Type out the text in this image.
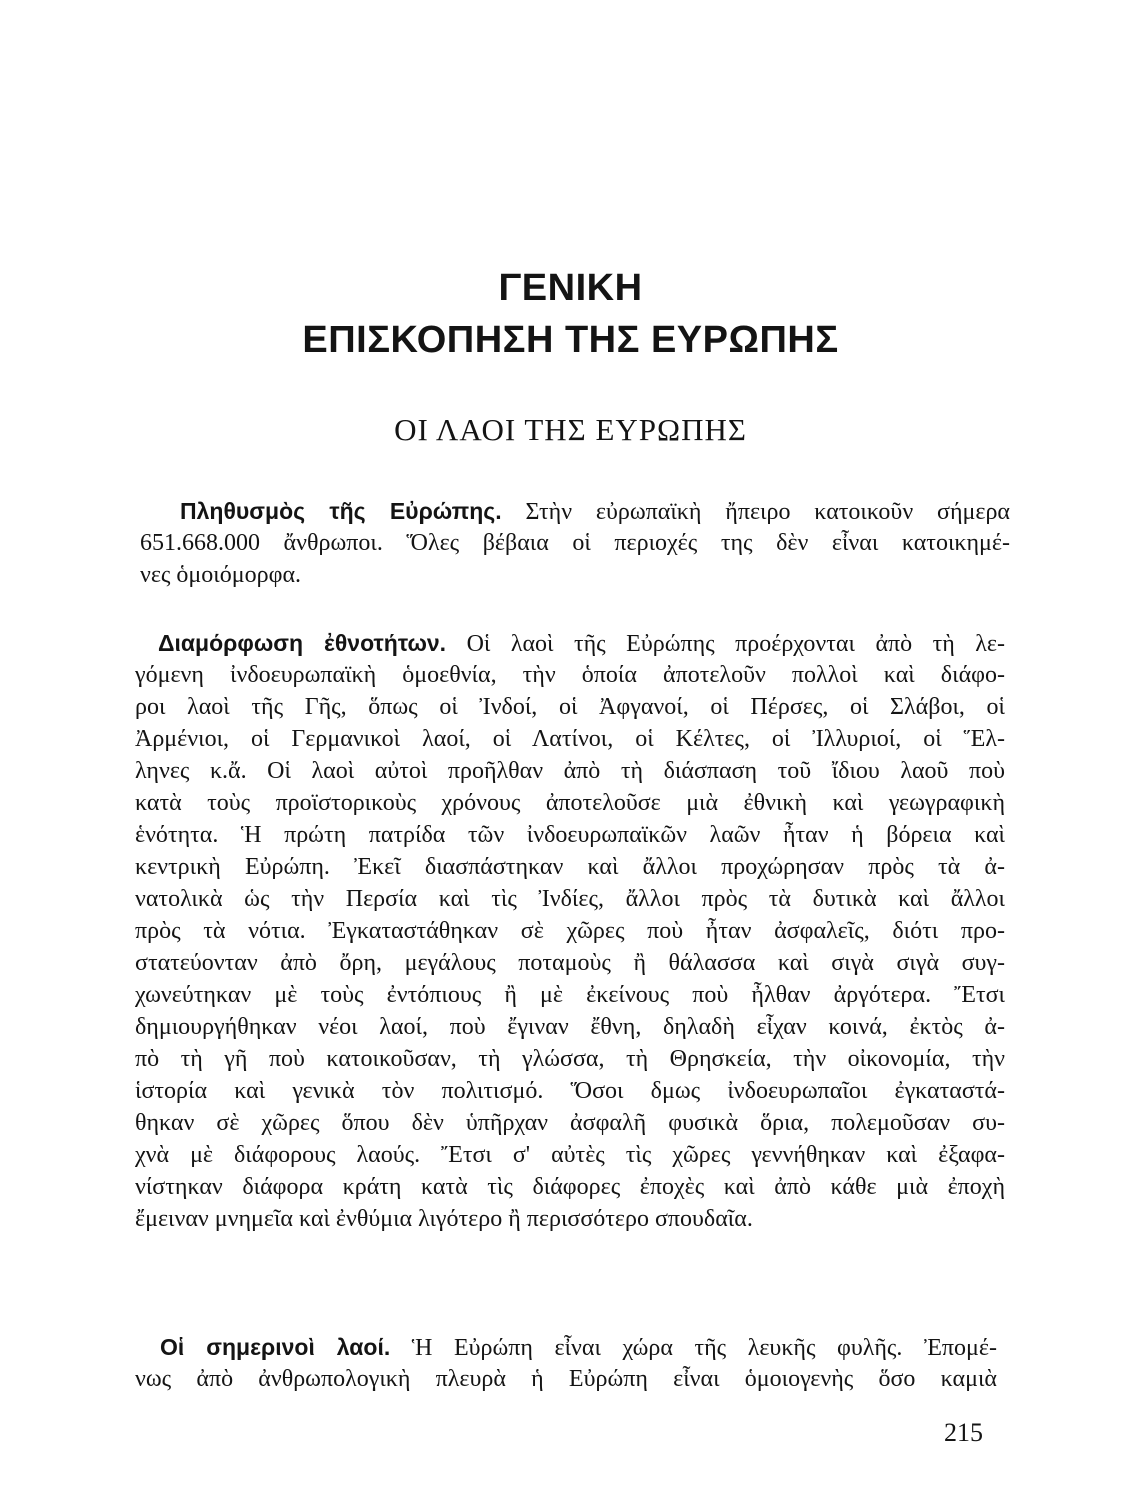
ΓΕΝΙΚΗ
ΕΠΙΣΚΟΠΗΣΗ ΤΗΣ ΕΥΡΩΠΗΣ
ΟΙ ΛΑΟΙ ΤΗΣ ΕΥΡΩΠΗΣ
Πληθυσμὸς τῆς Εὐρώπης. Στὴν εὐρωπαϊκὴ ἤπειρο κατοικοῦν σήμερα
651.668.000 ἄνθρωποι. Ὅλες βέβαια οἱ περιοχές της δὲν εἶναι κατοικημέ-
νες ὁμοιόμορφα.
Διαμόρφωση ἐθνοτήτων. Οἱ λαοὶ τῆς Εὐρώπης προέρχονται ἀπὸ τὴ λε-
γόμενη ἰνδοευρωπαϊκὴ ὁμοεθνία, τὴν ὁποία ἀποτελοῦν πολλοὶ καὶ διάφο-
ροι λαοὶ τῆς Γῆς, ὅπως οἱ Ἰνδοί, οἱ Ἀφγανοί, οἱ Πέρσες, οἱ Σλάβοι, οἱ
Ἀρμένιοι, οἱ Γερμανικοὶ λαοί, οἱ Λατίνοι, οἱ Κέλτες, οἱ Ἰλλυριοί, οἱ Ἕλ-
ληνες κ.ἄ. Οἱ λαοὶ αὐτοὶ προῆλθαν ἀπὸ τὴ διάσπαση τοῦ ἴδιου λαοῦ ποὺ
κατὰ τοὺς προϊστορικοὺς χρόνους ἀποτελοῦσε μιὰ ἐθνικὴ καὶ γεωγραφικὴ
ἑνότητα. Ἡ πρώτη πατρίδα τῶν ἰνδοευρωπαϊκῶν λαῶν ἦταν ἡ βόρεια καὶ
κεντρικὴ Εὐρώπη. Ἐκεῖ διασπάστηκαν καὶ ἄλλοι προχώρησαν πρὸς τὰ ἀ-
νατολικὰ ὡς τὴν Περσία καὶ τὶς Ἰνδίες, ἄλλοι πρὸς τὰ δυτικὰ καὶ ἄλλοι
πρὸς τὰ νότια. Ἐγκαταστάθηκαν σὲ χῶρες ποὺ ἦταν ἀσφαλεῖς, διότι προ-
στατεύονταν ἀπὸ ὄρη, μεγάλους ποταμοὺς ἢ θάλασσα καὶ σιγὰ σιγὰ συγ-
χωνεύτηκαν μὲ τοὺς ἐντόπιους ἢ μὲ ἐκείνους ποὺ ἦλθαν ἀργότερα. Ἔτσι
δημιουργήθηκαν νέοι λαοί, ποὺ ἔγιναν ἔθνη, δηλαδὴ εἶχαν κοινά, ἐκτὸς ἀ-
πὸ τὴ γῆ ποὺ κατοικοῦσαν, τὴ γλώσσα, τὴ Θρησκεία, τὴν οἰκονομία, τὴν
ἱστορία καὶ γενικὰ τὸν πολιτισμό. Ὅσοι δμως ἰνδοευρωπαῖοι ἐγκαταστά-
θηκαν σὲ χῶρες ὅπου δὲν ὑπῆρχαν ἀσφαλῆ φυσικὰ ὅρια, πολεμοῦσαν συ-
χνὰ μὲ διάφορους λαούς. Ἔτσι σ' αὐτὲς τὶς χῶρες γεννήθηκαν καὶ ἐξαφα-
νίστηκαν διάφορα κράτη κατὰ τὶς διάφορες ἐποχὲς καὶ ἀπὸ κάθε μιὰ ἐποχὴ
ἔμειναν μνημεῖα καὶ ἐνθύμια λιγότερο ἢ περισσότερο σπουδαῖα.
Οἱ σημερινοὶ λαοί. Ἡ Εὐρώπη εἶναι χώρα τῆς λευκῆς φυλῆς. Ἐπομέ-
νως ἀπὸ ἀνθρωπολογικὴ πλευρὰ ἡ Εὐρώπη εἶναι ὁμοιογενὴς ὅσο καμιὰ
215
